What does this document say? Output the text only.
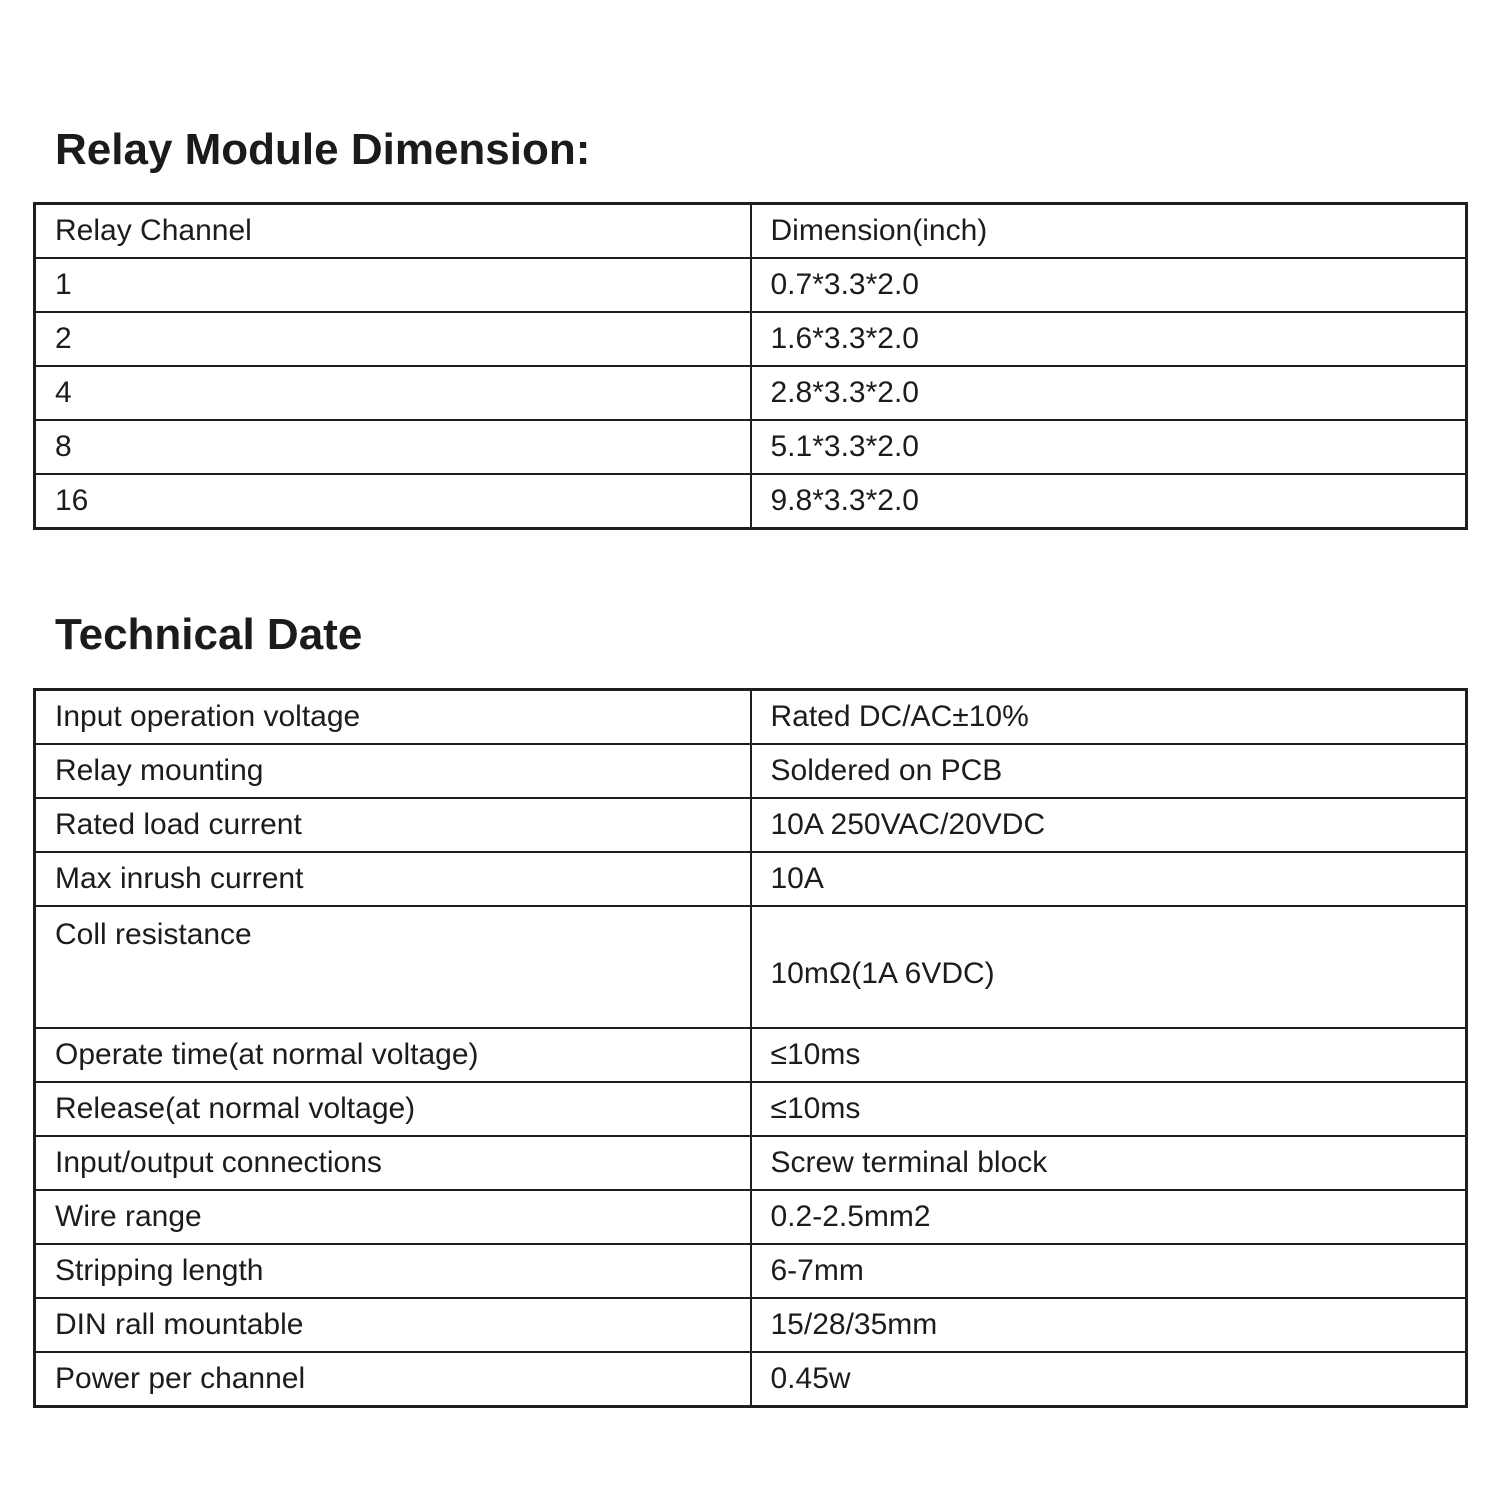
Relay Module Dimension:
Relay Channel	Dimension(inch)
1	0.7*3.3*2.0
2	1.6*3.3*2.0
4	2.8*3.3*2.0
8	5.1*3.3*2.0
16	9.8*3.3*2.0
Technical Date
Input operation voltage	Rated DC/AC±10%
Relay mounting	Soldered on PCB
Rated load current	10A 250VAC/20VDC
Max inrush current	10A
Coll resistance	10mΩ(1A 6VDC)
Operate time(at normal voltage)	≤10ms
Release(at normal voltage)	≤10ms
Input/output connections	Screw terminal block
Wire range	0.2-2.5mm2
Stripping length	6-7mm
DIN rall mountable	15/28/35mm
Power per channel	0.45w
